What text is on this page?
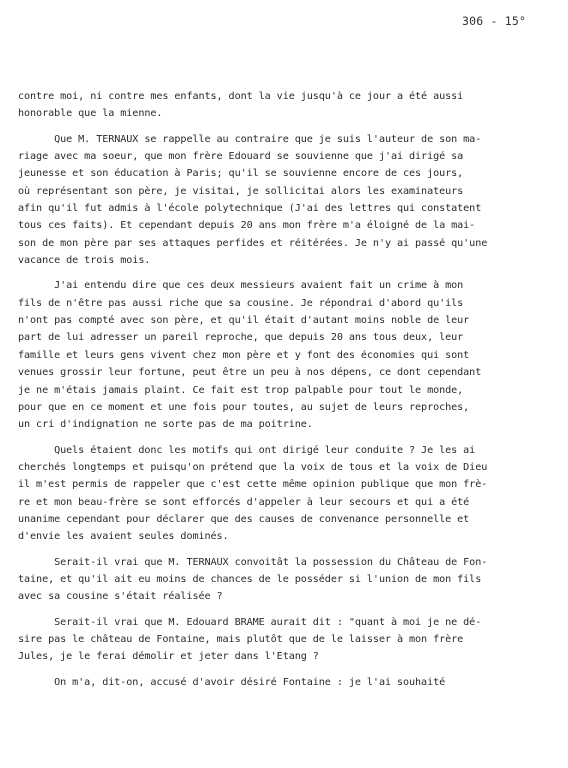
306 - 15°
contre moi, ni contre mes enfants, dont la vie jusqu'à ce jour a été aussi
honorable que la mienne.
Que M. TERNAUX se rappelle au contraire que je suis l'auteur de son ma-
riage avec ma soeur, que mon frère Edouard se souvienne que j'ai dirigé sa
jeunesse et son éducation à Paris; qu'il se souvienne encore de ces jours,
où représentant son père, je visitai, je sollicitai alors les examinateurs
afin qu'il fut admis à l'école polytechnique (J'ai des lettres qui constatent
tous ces faits). Et cependant depuis 20 ans mon frère m'a éloigné de la mai-
son de mon père par ses attaques perfides et réitérées. Je n'y ai passé qu'une
vacance de trois mois.
J'ai entendu dire que ces deux messieurs avaient fait un crime à mon
fils de n'être pas aussi riche que sa cousine. Je répondrai d'abord qu'ils
n'ont pas compté avec son père, et qu'il était d'autant moins noble de leur
part de lui adresser un pareil reproche, que depuis 20 ans tous deux, leur
famille et leurs gens vivent chez mon père et y font des économies qui sont
venues grossir leur fortune, peut être un peu à nos dépens, ce dont cependant
je ne m'étais jamais plaint. Ce fait est trop palpable pour tout le monde,
pour que en ce moment et une fois pour toutes, au sujet de leurs reproches,
un cri d'indignation ne sorte pas de ma poitrine.
Quels étaient donc les motifs qui ont dirigé leur conduite ? Je les ai
cherchés longtemps et puisqu'on prétend que la voix de tous et la voix de Dieu
il m'est permis de rappeler que c'est cette même opinion publique que mon frè-
re et mon beau-frère se sont efforcés d'appeler à leur secours et qui a été
unanime cependant pour déclarer que des causes de convenance personnelle et
d'envie les avaient seules dominés.
Serait-il vrai que M. TERNAUX convoitât la possession du Château de Fon-
taine, et qu'il ait eu moins de chances de le posséder si l'union de mon fils
avec sa cousine s'était réalisée ?
Serait-il vrai que M. Edouard BRAME aurait dit : "quant à moi je ne dé-
sire pas le château de Fontaine, mais plutôt que de le laisser à mon frère
Jules, je le ferai démolir et jeter dans l'Etang ?
On m'a, dit-on, accusé d'avoir désiré Fontaine : je l'ai souhaité
